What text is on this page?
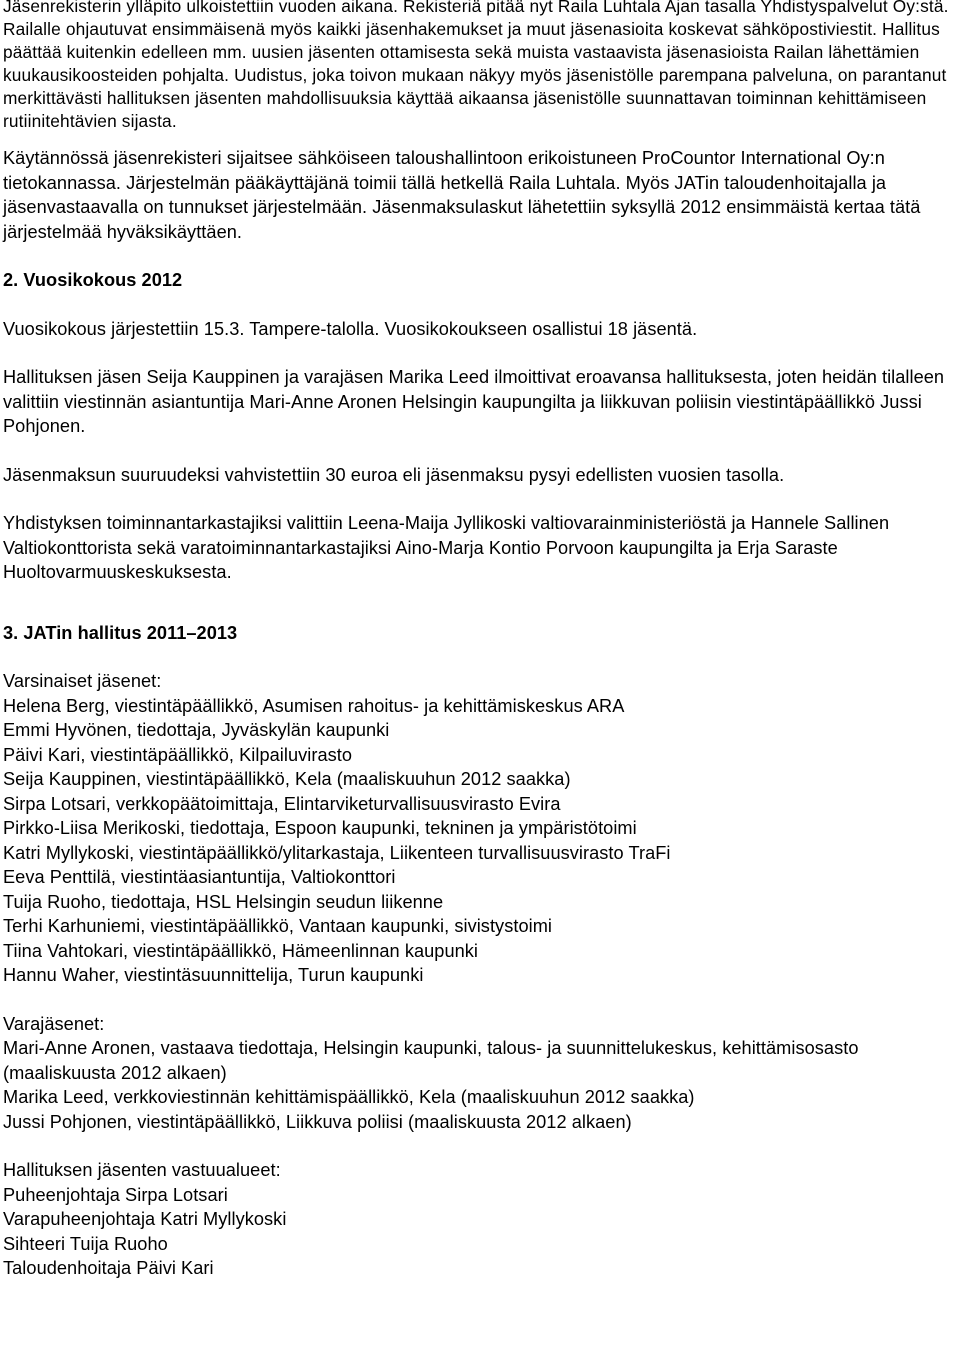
Jäsenrekisterin ylläpito ulkoistettiin vuoden aikana. Rekisteriä pitää nyt Raila Luhtala Ajan tasalla Yhdistyspalvelut Oy:stä. Railalle ohjautuvat ensimmäisenä myös kaikki jäsenhakemukset ja muut jäsenasioita koskevat sähköpostiviestit. Hallitus päättää kuitenkin edelleen mm. uusien jäsenten ottamisesta sekä muista vastaavista jäsenasioista Railan lähettämien kuukausikoosteiden pohjalta. Uudistus, joka toivon mukaan näkyy myös jäsenistölle parempana palveluna, on parantanut merkittävästi hallituksen jäsenten mahdollisuuksia käyttää aikaansa jäsenistölle suunnattavan toiminnan kehittämiseen rutiinitehtävien sijasta.

Käytännössä jäsenrekisteri sijaitsee sähköiseen taloushallintoon erikoistuneen ProCountor International Oy:n tietokannassa. Järjestelmän pääkäyttäjänä toimii tällä hetkellä Raila Luhtala. Myös JATin taloudenhoitajalla ja jäsenvastaavalla on tunnukset järjestelmään. Jäsenmaksulaskut lähetettiin syksyllä 2012 ensimmäistä kertaa tätä järjestelmää hyväksikäyttäen.

2. Vuosikokous 2012

Vuosikokous järjestettiin 15.3. Tampere-talolla. Vuosikokoukseen osallistui 18 jäsentä.

Hallituksen jäsen Seija Kauppinen ja varajäsen Marika Leed ilmoittivat eroavansa hallituksesta, joten heidän tilalleen valittiin viestinnän asiantuntija Mari-Anne Aronen Helsingin kaupungilta ja liikkuvan poliisin viestintäpäällikkö Jussi Pohjonen.

Jäsenmaksun suuruudeksi vahvistettiin 30 euroa eli jäsenmaksu pysyi edellisten vuosien tasolla.

Yhdistyksen toiminnantarkastajiksi valittiin Leena-Maija Jyllikoski valtiovarainministeriöstä ja Hannele Sallinen Valtiokonttorista sekä varatoiminnantarkastajiksi Aino-Marja Kontio Porvoon kaupungilta ja Erja Saraste Huoltovarmuuskeskuksesta.

3. JATin hallitus 2011–2013

Varsinaiset jäsenet:

Helena Berg, viestintäpäällikkö, Asumisen rahoitus- ja kehittämiskeskus ARA
Emmi Hyvönen, tiedottaja, Jyväskylän kaupunki
Päivi Kari, viestintäpäällikkö, Kilpailuvirasto
Seija Kauppinen, viestintäpäällikkö, Kela (maaliskuuhun 2012 saakka)
Sirpa Lotsari, verkkopäätoimittaja, Elintarviketurvallisuusvirasto Evira
Pirkko-Liisa Merikoski, tiedottaja, Espoon kaupunki, tekninen ja ympäristötoimi
Katri Myllykoski, viestintäpäällikkö/ylitarkastaja, Liikenteen turvallisuusvirasto TraFi
Eeva Penttilä, viestintäasiantuntija, Valtiokonttori
Tuija Ruoho, tiedottaja, HSL Helsingin seudun liikenne
Terhi Karhuniemi, viestintäpäällikkö, Vantaan kaupunki, sivistystoimi
Tiina Vahtokari, viestintäpäällikkö, Hämeenlinnan kaupunki
Hannu Waher, viestintäsuunnittelija, Turun kaupunki

Varajäsenet:

Mari-Anne Aronen, vastaava tiedottaja, Helsingin kaupunki, talous- ja suunnittelukeskus, kehittämisosasto (maaliskuusta 2012 alkaen)
Marika Leed, verkkoviestinnän kehittämispäällikkö, Kela (maaliskuuhun 2012 saakka)
Jussi Pohjonen, viestintäpäällikkö, Liikkuva poliisi (maaliskuusta 2012 alkaen)

Hallituksen jäsenten vastuualueet:

Puheenjohtaja Sirpa Lotsari
Varapuheenjohtaja Katri Myllykoski
Sihteeri Tuija Ruoho
Taloudenhoitaja Päivi Kari
